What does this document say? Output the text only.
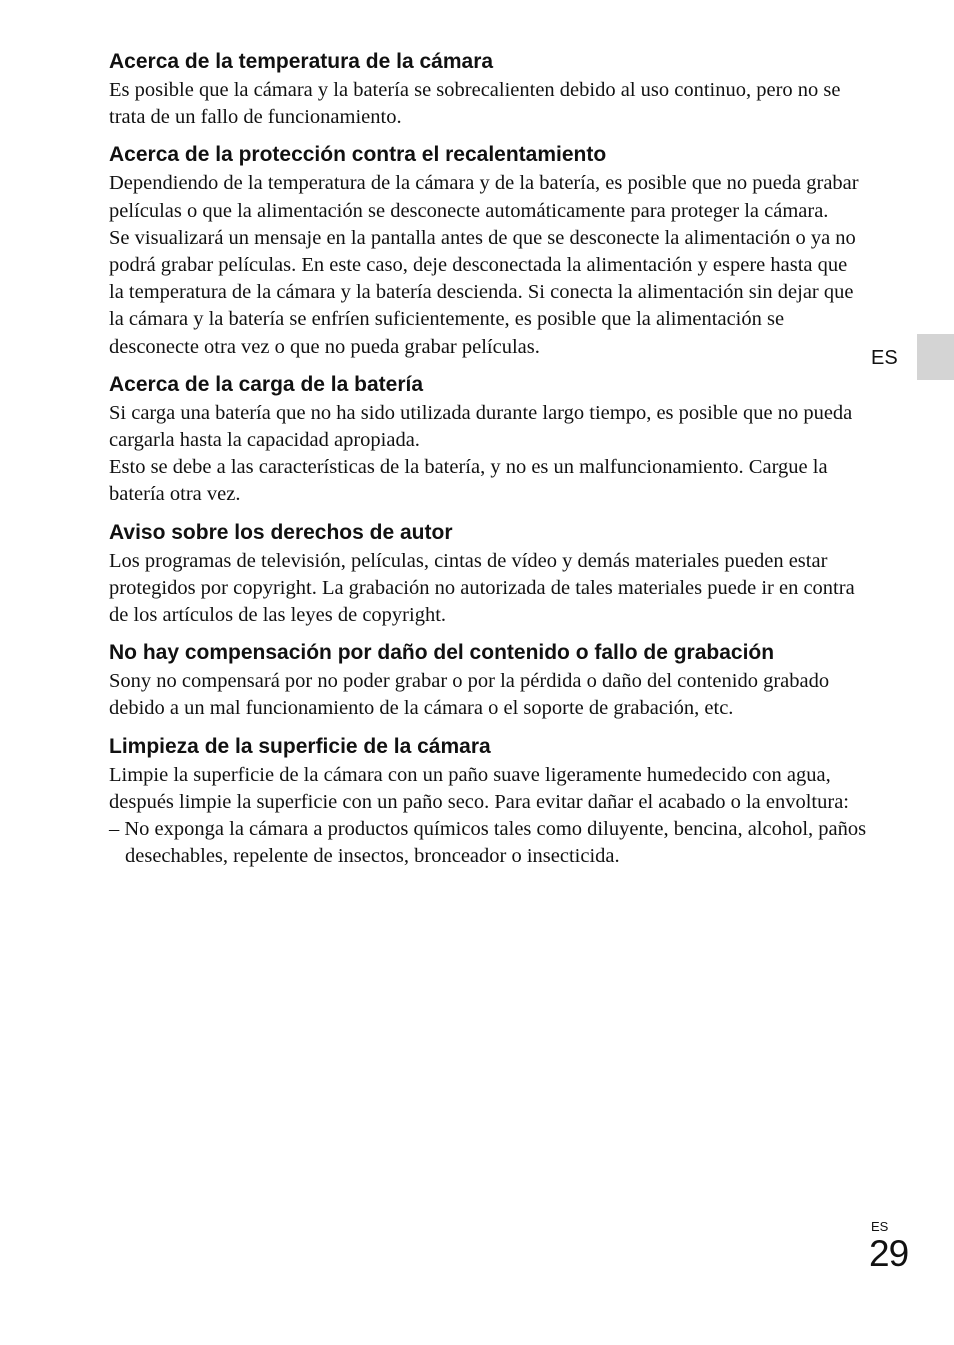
Acerca de la temperatura de la cámara

Es posible que la cámara y la batería se sobrecalienten debido al uso continuo, pero no se trata de un fallo de funcionamiento.

Acerca de la protección contra el recalentamiento

Dependiendo de la temperatura de la cámara y de la batería, es posible que no pueda grabar películas o que la alimentación se desconecte automáticamente para proteger la cámara.

Se visualizará un mensaje en la pantalla antes de que se desconecte la alimentación o ya no podrá grabar películas. En este caso, deje desconectada la alimentación y espere hasta que la temperatura de la cámara y la batería descienda. Si conecta la alimentación sin dejar que la cámara y la batería se enfríen suficientemente, es posible que la alimentación se desconecte otra vez o que no pueda grabar películas.

Acerca de la carga de la batería

Si carga una batería que no ha sido utilizada durante largo tiempo, es posible que no pueda cargarla hasta la capacidad apropiada.

Esto se debe a las características de la batería, y no es un malfuncionamiento. Cargue la batería otra vez.

Aviso sobre los derechos de autor

Los programas de televisión, películas, cintas de vídeo y demás materiales pueden estar protegidos por copyright. La grabación no autorizada de tales materiales puede ir en contra de los artículos de las leyes de copyright.

No hay compensación por daño del contenido o fallo de grabación

Sony no compensará por no poder grabar o por la pérdida o daño del contenido grabado debido a un mal funcionamiento de la cámara o el soporte de grabación, etc.

Limpieza de la superficie de la cámara

Limpie la superficie de la cámara con un paño suave ligeramente humedecido con agua, después limpie la superficie con un paño seco. Para evitar dañar el acabado o la envoltura:

– No exponga la cámara a productos químicos tales como diluyente, bencina, alcohol, paños desechables, repelente de insectos, bronceador o insecticida.

ES
ES
29
